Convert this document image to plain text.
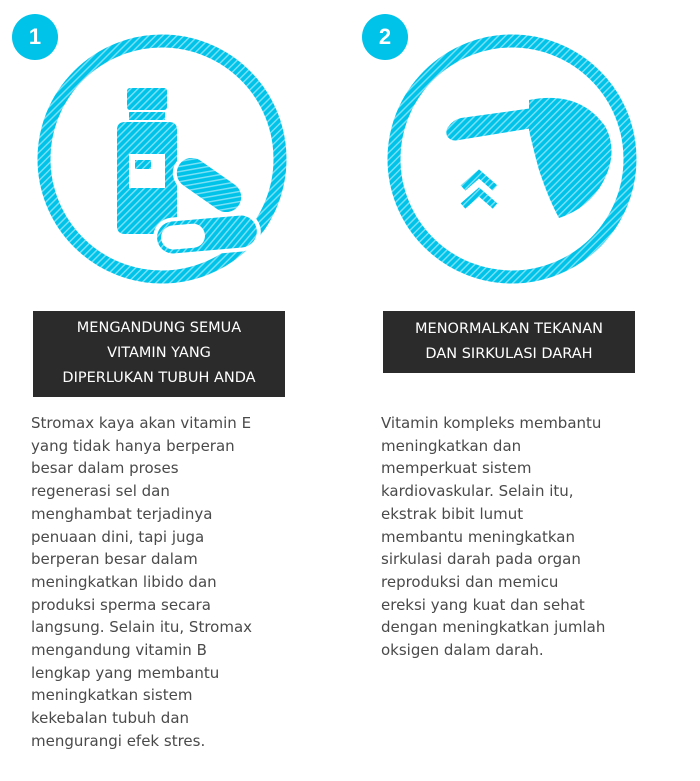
1
MENGANDUNG SEMUA
VITAMIN YANG
DIPERLUKAN TUBUH ANDA

Stromax kaya akan vitamin E
yang tidak hanya berperan
besar dalam proses
regenerasi sel dan
menghambat terjadinya
penuaan dini, tapi juga
berperan besar dalam
meningkatkan libido dan
produksi sperma secara
langsung. Selain itu, Stromax
mengandung vitamin B
lengkap yang membantu
meningkatkan sistem
kekebalan tubuh dan
mengurangi efek stres.

2
MENORMALKAN TEKANAN
DAN SIRKULASI DARAH

Vitamin kompleks membantu
meningkatkan dan
memperkuat sistem
kardiovaskular. Selain itu,
ekstrak bibit lumut
membantu meningkatkan
sirkulasi darah pada organ
reproduksi dan memicu
ereksi yang kuat dan sehat
dengan meningkatkan jumlah
oksigen dalam darah.
